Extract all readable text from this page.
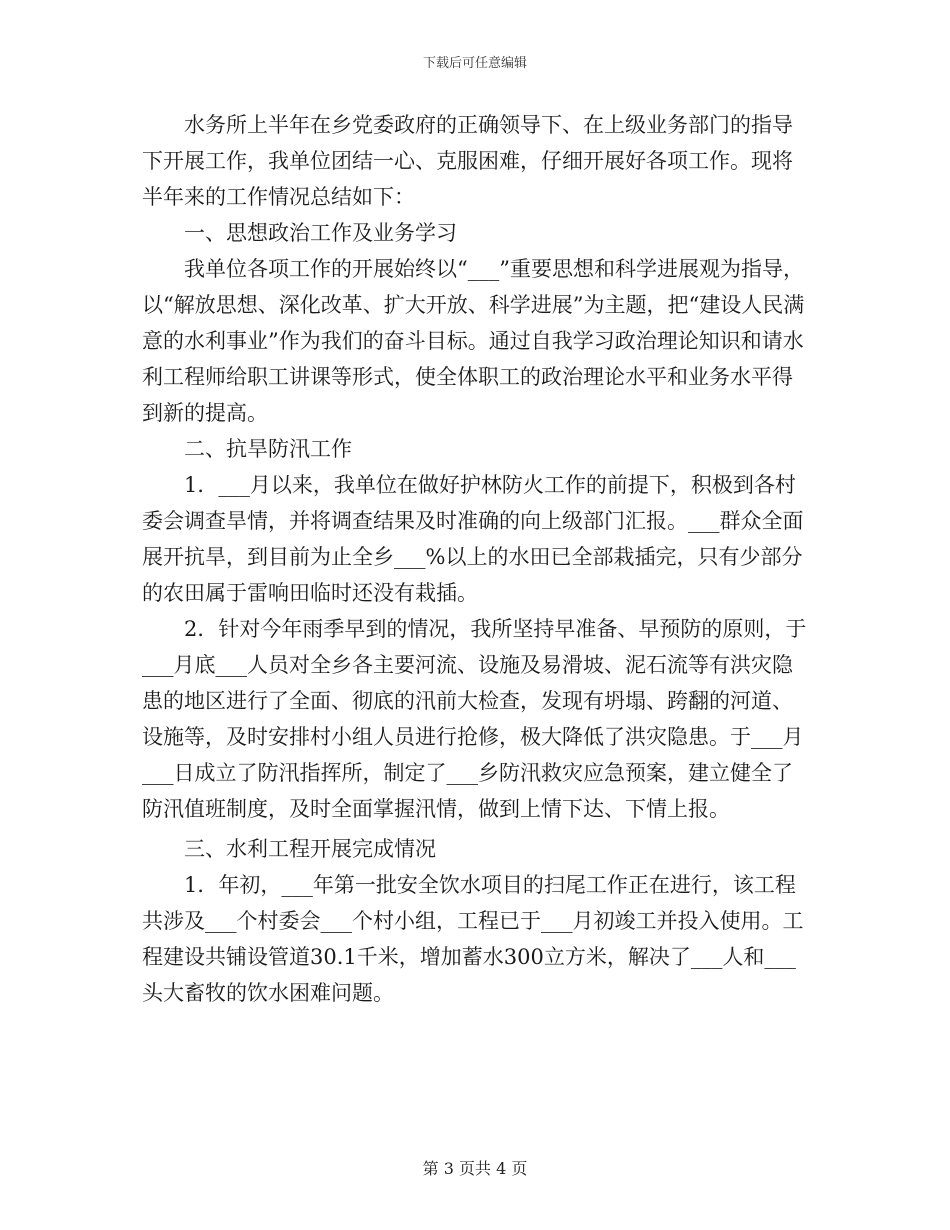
下载后可任意编辑

水务所上半年在乡党委政府的正确领导下、在上级业务部门的指导下开展工作，我单位团结一心、克服困难，仔细开展好各项工作。现将半年来的工作情况总结如下：

一、思想政治工作及业务学习

我单位各项工作的开展始终以“___”重要思想和科学进展观为指导，以“解放思想、深化改革、扩大开放、科学进展”为主题，把“建设人民满意的水利事业”作为我们的奋斗目标。通过自我学习政治理论知识和请水利工程师给职工讲课等形式，使全体职工的政治理论水平和业务水平得到新的提高。

二、抗旱防汛工作

1．___月以来，我单位在做好护林防火工作的前提下，积极到各村委会调查旱情，并将调查结果及时准确的向上级部门汇报。___群众全面展开抗旱，到目前为止全乡___%以上的水田已全部栽插完，只有少部分的农田属于雷响田临时还没有栽插。

2．针对今年雨季早到的情况，我所坚持早准备、早预防的原则，于___月底___人员对全乡各主要河流、设施及易滑坡、泥石流等有洪灾隐患的地区进行了全面、彻底的汛前大检查，发现有坍塌、跨翻的河道、设施等，及时安排村小组人员进行抢修，极大降低了洪灾隐患。于___月___日成立了防汛指挥所，制定了___乡防汛救灾应急预案，建立健全了防汛值班制度，及时全面掌握汛情，做到上情下达、下情上报。

三、水利工程开展完成情况

1．年初，___年第一批安全饮水项目的扫尾工作正在进行，该工程共涉及___个村委会___个村小组，工程已于___月初竣工并投入使用。工程建设共铺设管道30.1千米，增加蓄水300立方米，解决了___人和___头大畜牧的饮水困难问题。

第 3 页共 4 页
